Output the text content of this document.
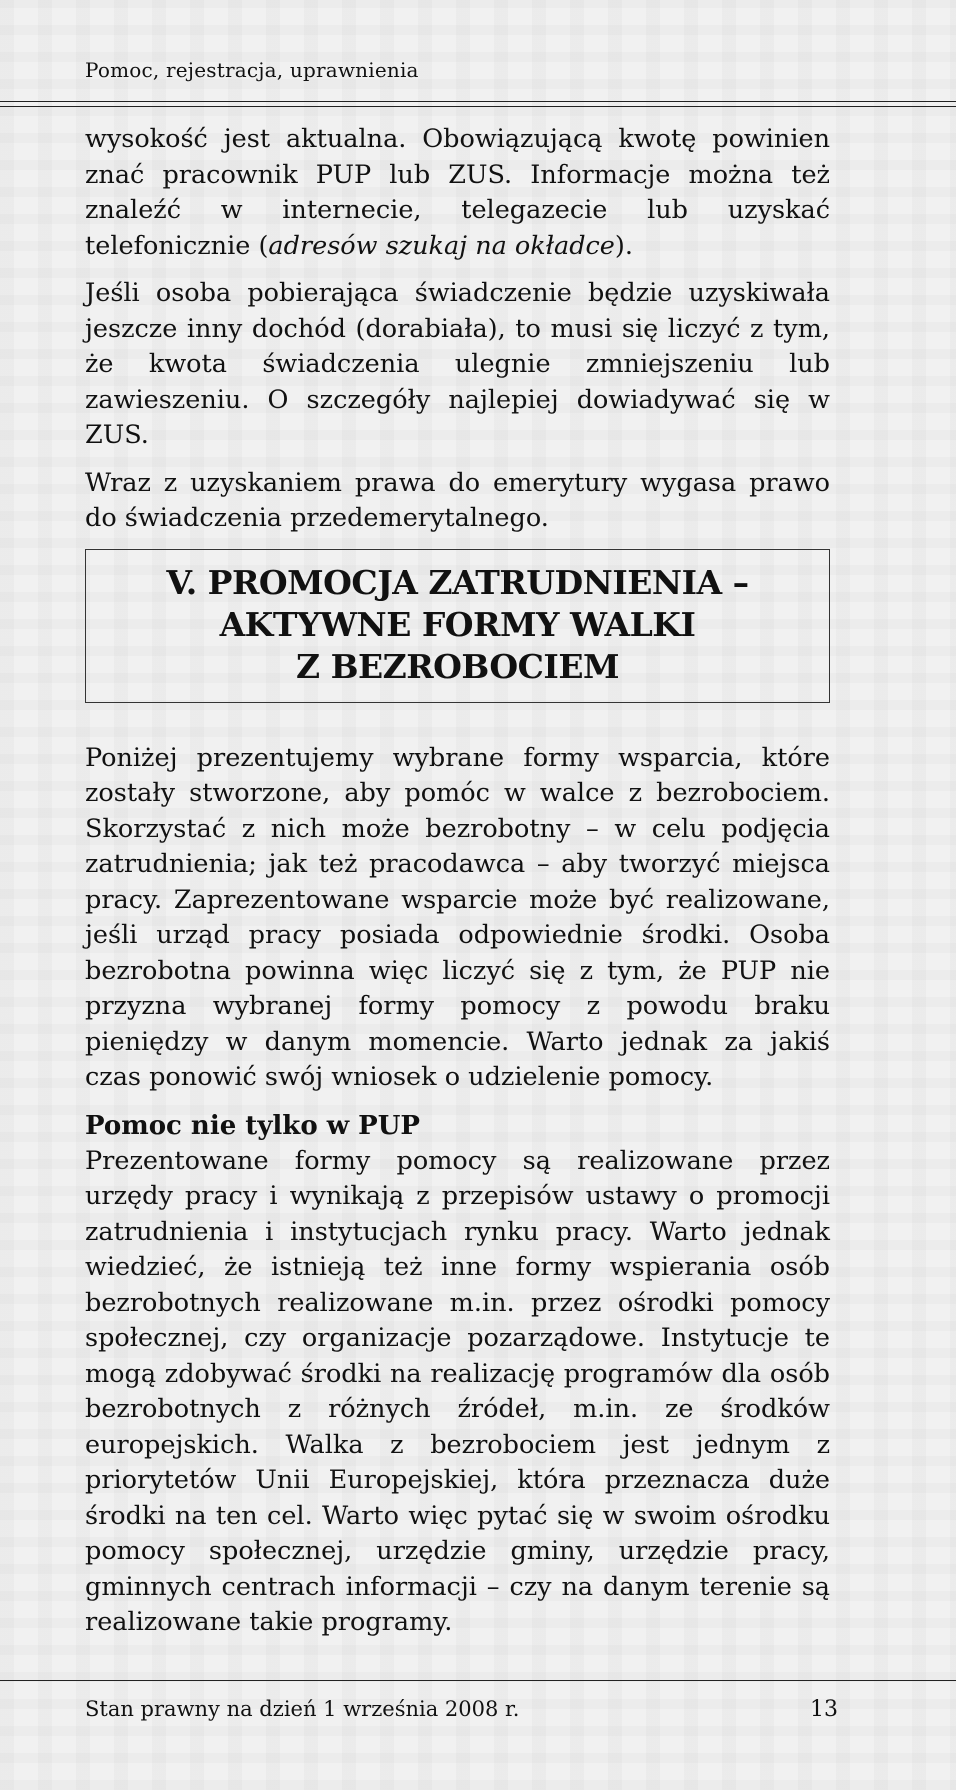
Pomoc, rejestracja, uprawnienia

wysokość jest aktualna. Obowiązującą kwotę powinien znać pracownik PUP lub ZUS. Informacje można też znaleźć w internecie, telegazecie lub uzyskać telefonicznie (adresów szukaj na okładce).

Jeśli osoba pobierająca świadczenie będzie uzyskiwała jeszcze inny dochód (dorabiała), to musi się liczyć z tym, że kwota świadczenia ulegnie zmniejszeniu lub zawieszeniu. O szczegóły najlepiej dowiadywać się w ZUS.

Wraz z uzyskaniem prawa do emerytury wygasa prawo do świadczenia przedemerytalnego.

V. PROMOCJA ZATRUDNIENIA –
AKTYWNE FORMY WALKI
Z BEZROBOCIEM

Poniżej prezentujemy wybrane formy wsparcia, które zostały stworzone, aby pomóc w walce z bezrobociem. Skorzystać z nich może bezrobotny – w celu podjęcia zatrudnienia; jak też pracodawca – aby tworzyć miejsca pracy. Zaprezentowane wsparcie może być realizowane, jeśli urząd pracy posiada odpowiednie środki. Osoba bezrobotna powinna więc liczyć się z tym, że PUP nie przyzna wybranej formy pomocy z powodu braku pieniędzy w danym momencie. Warto jednak za jakiś czas ponowić swój wniosek o udzielenie pomocy.

Pomoc nie tylko w PUP

Prezentowane formy pomocy są realizowane przez urzędy pracy i wynikają z przepisów ustawy o promocji zatrudnienia i instytucjach rynku pracy. Warto jednak wiedzieć, że istnieją też inne formy wspierania osób bezrobotnych realizowane m.in. przez ośrodki pomocy społecznej, czy organizacje pozarządowe. Instytucje te mogą zdobywać środki na realizację programów dla osób bezrobotnych z różnych źródeł, m.in. ze środków europejskich. Walka z bezrobociem jest jednym z priorytetów Unii Europejskiej, która przeznacza duże środki na ten cel. Warto więc pytać się w swoim ośrodku pomocy społecznej, urzędzie gminy, urzędzie pracy, gminnych centrach informacji – czy na danym terenie są realizowane takie programy.

Stan prawny na dzień 1 września 2008 r.	13
